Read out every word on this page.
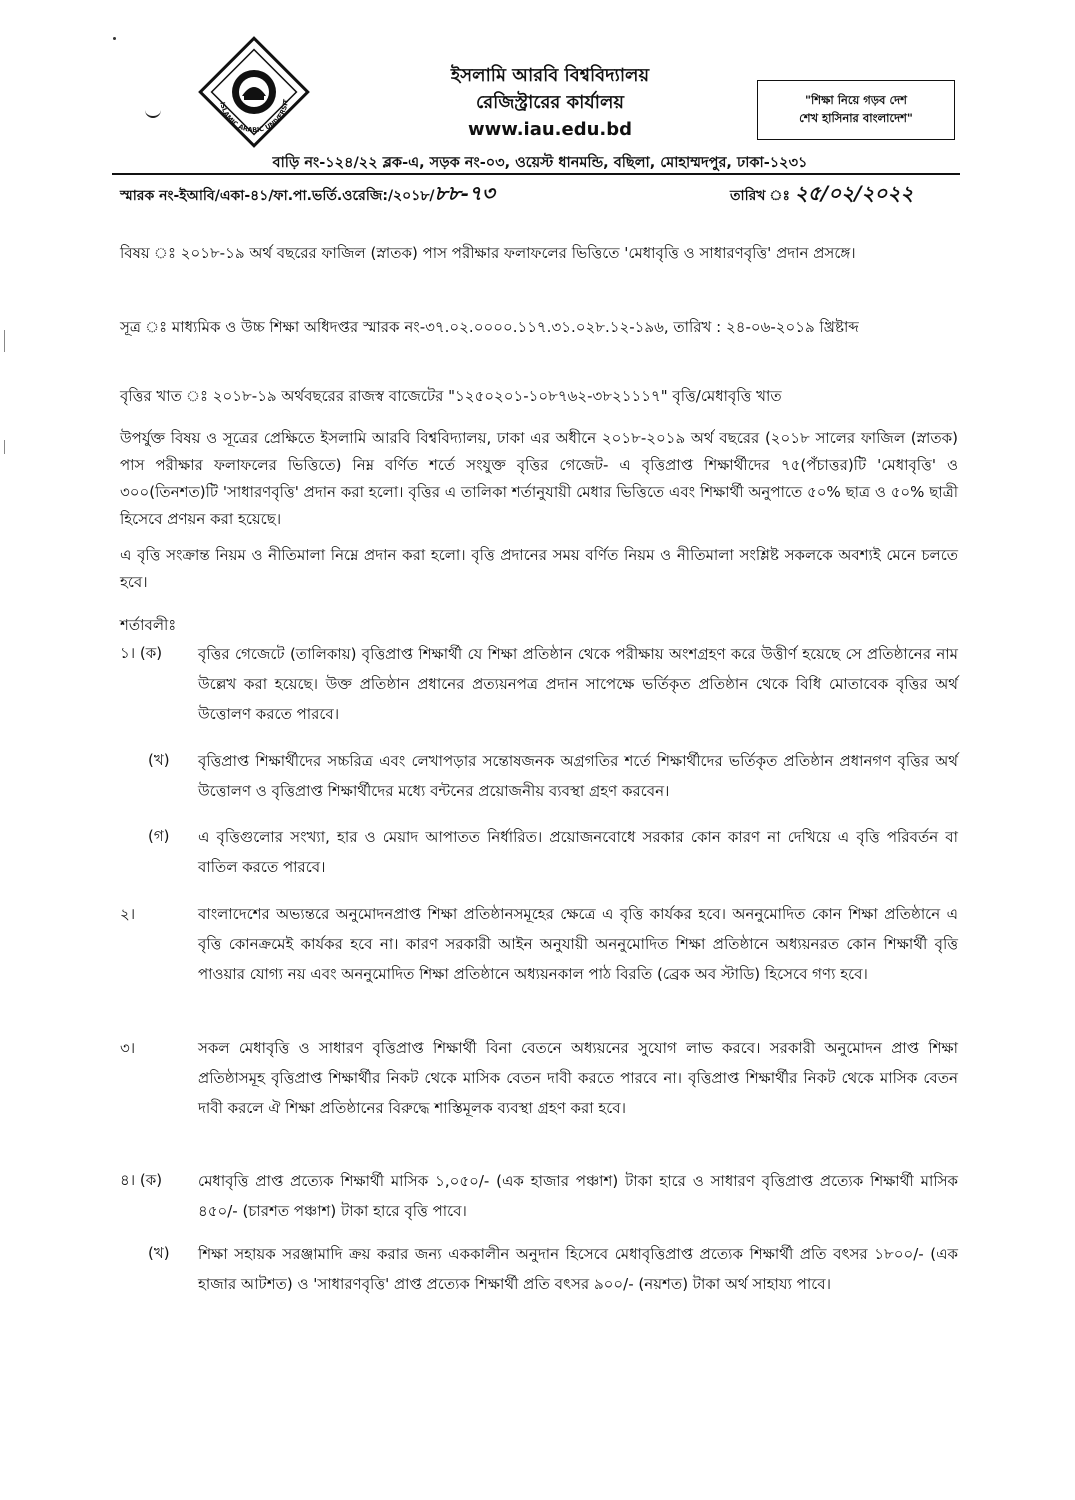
ISLAMIC ARABIC UNIVERSIT
ইসলামি আরবি বিশ্ববিদ্যালয়
রেজিস্ট্রারের কার্যালয়
www.iau.edu.bd
"শিক্ষা নিয়ে গড়ব দেশ
শেখ হাসিনার বাংলাদেশ"
বাড়ি নং-১২৪/২২ ব্লক-এ, সড়ক নং-০৩, ওয়েস্ট ধানমন্ডি, বছিলা, মোহাম্মদপুর, ঢাকা-১২৩১
স্মারক নং-ইআবি/একা-৪১/ফা.পা.ভর্তি.ওরেজি:/২০১৮/৮৮-৭৩	তারিখ ঃ ২৫/০২/২০২২
বিষয় ঃ ২০১৮-১৯ অর্থ বছরের ফাজিল (স্নাতক) পাস পরীক্ষার ফলাফলের ভিত্তিতে 'মেধাবৃত্তি ও সাধারণবৃত্তি' প্রদান প্রসঙ্গে।
সূত্র ঃ মাধ্যমিক ও উচ্চ শিক্ষা অধিদপ্তর স্মারক নং-৩৭.০২.০০০০.১১৭.৩১.০২৮.১২-১৯৬, তারিখ : ২৪-০৬-২০১৯ খ্রিষ্টাব্দ
বৃত্তির খাত ঃ ২০১৮-১৯ অর্থবছরের রাজস্ব বাজেটের "১২৫০২০১-১০৮৭৬২-৩৮২১১১৭" বৃত্তি/মেধাবৃত্তি খাত
উপর্যুক্ত বিষয় ও সূত্রের প্রেক্ষিতে ইসলামি আরবি বিশ্ববিদ্যালয়, ঢাকা এর অধীনে ২০১৮-২০১৯ অর্থ বছরের (২০১৮ সালের ফাজিল (স্নাতক) পাস পরীক্ষার ফলাফলের ভিত্তিতে) নিম্ন বর্ণিত শর্তে সংযুক্ত বৃত্তির গেজেট- এ বৃত্তিপ্রাপ্ত শিক্ষার্থীদের ৭৫(পঁচাত্তর)টি 'মেধাবৃত্তি' ও ৩০০(তিনশত)টি 'সাধারণবৃত্তি' প্রদান করা হলো। বৃত্তির এ তালিকা শর্তানুযায়ী মেধার ভিত্তিতে এবং শিক্ষার্থী অনুপাতে ৫০% ছাত্র ও ৫০% ছাত্রী হিসেবে প্রণয়ন করা হয়েছে।
এ বৃত্তি সংক্রান্ত নিয়ম ও নীতিমালা নিম্নে প্রদান করা হলো। বৃত্তি প্রদানের সময় বর্ণিত নিয়ম ও নীতিমালা সংশ্লিষ্ট সকলকে অবশ্যই মেনে চলতে হবে।
শর্তাবলীঃ
১। (ক) বৃত্তির গেজেটে (তালিকায়) বৃত্তিপ্রাপ্ত শিক্ষার্থী যে শিক্ষা প্রতিষ্ঠান থেকে পরীক্ষায় অংশগ্রহণ করে উত্তীর্ণ হয়েছে সে প্রতিষ্ঠানের নাম উল্লেখ করা হয়েছে। উক্ত প্রতিষ্ঠান প্রধানের প্রত্যয়নপত্র প্রদান সাপেক্ষে ভর্তিকৃত প্রতিষ্ঠান থেকে বিধি মোতাবেক বৃত্তির অর্থ উত্তোলণ করতে পারবে।
(খ) বৃত্তিপ্রাপ্ত শিক্ষার্থীদের সচ্চরিত্র এবং লেখাপড়ার সন্তোষজনক অগ্রগতির শর্তে শিক্ষার্থীদের ভর্তিকৃত প্রতিষ্ঠান প্রধানগণ বৃত্তির অর্থ উত্তোলণ ও বৃত্তিপ্রাপ্ত শিক্ষার্থীদের মধ্যে বন্টনের প্রয়োজনীয় ব্যবস্থা গ্রহণ করবেন।
(গ) এ বৃত্তিগুলোর সংখ্যা, হার ও মেয়াদ আপাতত নির্ধারিত। প্রয়োজনবোধে সরকার কোন কারণ না দেখিয়ে এ বৃত্তি পরিবর্তন বা বাতিল করতে পারবে।
২।	বাংলাদেশের অভ্যন্তরে অনুমোদনপ্রাপ্ত শিক্ষা প্রতিষ্ঠানসমূহের ক্ষেত্রে এ বৃত্তি কার্যকর হবে। অননুমোদিত কোন শিক্ষা প্রতিষ্ঠানে এ বৃত্তি কোনক্রমেই কার্যকর হবে না। কারণ সরকারী আইন অনুযায়ী অননুমোদিত শিক্ষা প্রতিষ্ঠানে অধ্যয়নরত কোন শিক্ষার্থী বৃত্তি পাওয়ার যোগ্য নয় এবং অননুমোদিত শিক্ষা প্রতিষ্ঠানে অধ্যয়নকাল পাঠ বিরতি (ব্রেক অব স্টাডি) হিসেবে গণ্য হবে।
৩।	সকল মেধাবৃত্তি ও সাধারণ বৃত্তিপ্রাপ্ত শিক্ষার্থী বিনা বেতনে অধ্যয়নের সুযোগ লাভ করবে। সরকারী অনুমোদন প্রাপ্ত শিক্ষা প্রতিষ্ঠাসমূহ বৃত্তিপ্রাপ্ত শিক্ষার্থীর নিকট থেকে মাসিক বেতন দাবী করতে পারবে না। বৃত্তিপ্রাপ্ত শিক্ষার্থীর নিকট থেকে মাসিক বেতন দাবী করলে ঐ শিক্ষা প্রতিষ্ঠানের বিরুদ্ধে শাস্তিমূলক ব্যবস্থা গ্রহণ করা হবে।
৪। (ক) মেধাবৃত্তি প্রাপ্ত প্রত্যেক শিক্ষার্থী মাসিক ১,০৫০/- (এক হাজার পঞ্চাশ) টাকা হারে ও সাধারণ বৃত্তিপ্রাপ্ত প্রত্যেক শিক্ষার্থী মাসিক ৪৫০/- (চারশত পঞ্চাশ) টাকা হারে বৃত্তি পাবে।
(খ) শিক্ষা সহায়ক সরঞ্জামাদি ক্রয় করার জন্য এককালীন অনুদান হিসেবে মেধাবৃত্তিপ্রাপ্ত প্রত্যেক শিক্ষার্থী প্রতি বৎসর ১৮০০/- (এক হাজার আটশত) ও 'সাধারণবৃত্তি' প্রাপ্ত প্রত্যেক শিক্ষার্থী প্রতি বৎসর ৯০০/- (নয়শত) টাকা অর্থ সাহায্য পাবে।
